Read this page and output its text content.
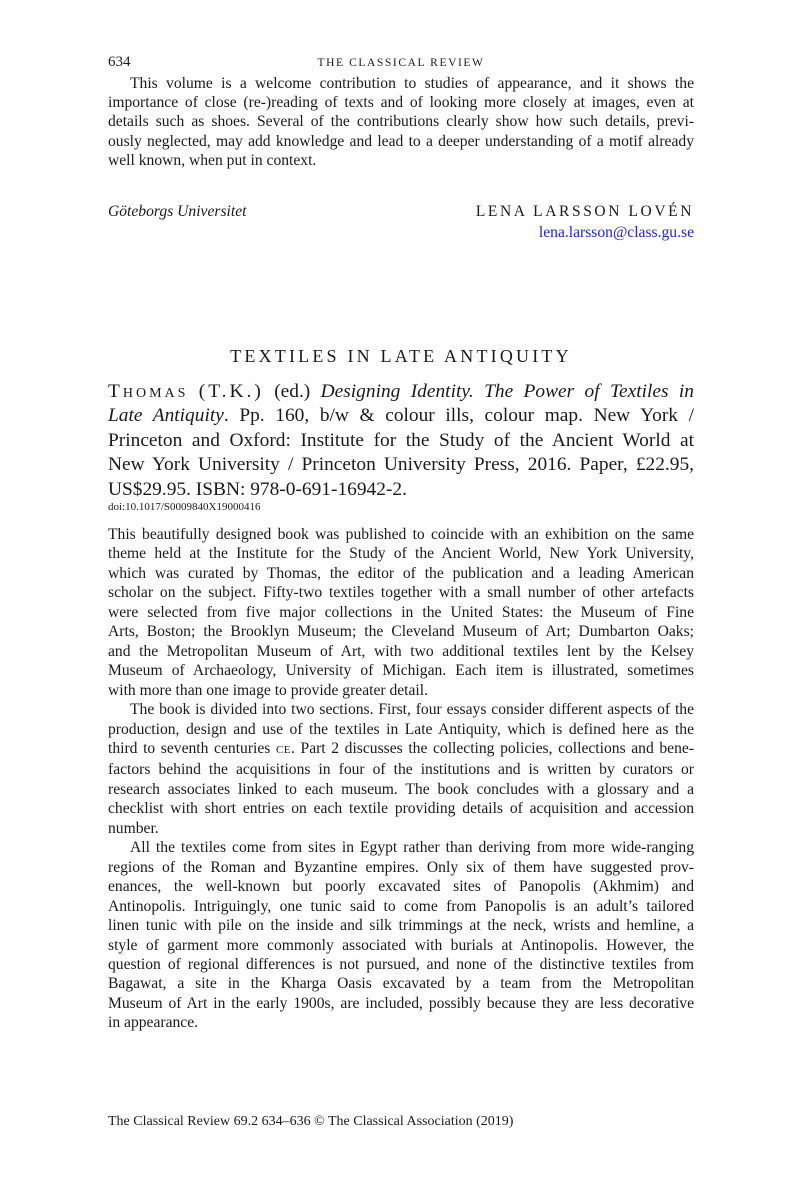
634	THE CLASSICAL REVIEW
This volume is a welcome contribution to studies of appearance, and it shows the
importance of close (re-)reading of texts and of looking more closely at images, even at
details such as shoes. Several of the contributions clearly show how such details, previ-
ously neglected, may add knowledge and lead to a deeper understanding of a motif already
well known, when put in context.
Göteborgs Universitet	LENA LARSSON LOVÉN
lena.larsson@class.gu.se
TEXTILES IN LATE ANTIQUITY
Thomas (T.K.) (ed.) Designing Identity. The Power of Textiles in
Late Antiquity. Pp. 160, b/w & colour ills, colour map. New York /
Princeton and Oxford: Institute for the Study of the Ancient World at
New York University / Princeton University Press, 2016. Paper, £22.95,
US$29.95. ISBN: 978-0-691-16942-2.
doi:10.1017/S0009840X19000416
This beautifully designed book was published to coincide with an exhibition on the same
theme held at the Institute for the Study of the Ancient World, New York University,
which was curated by Thomas, the editor of the publication and a leading American
scholar on the subject. Fifty-two textiles together with a small number of other artefacts
were selected from five major collections in the United States: the Museum of Fine
Arts, Boston; the Brooklyn Museum; the Cleveland Museum of Art; Dumbarton Oaks;
and the Metropolitan Museum of Art, with two additional textiles lent by the Kelsey
Museum of Archaeology, University of Michigan. Each item is illustrated, sometimes
with more than one image to provide greater detail.
The book is divided into two sections. First, four essays consider different aspects of the
production, design and use of the textiles in Late Antiquity, which is defined here as the
third to seventh centuries CE. Part 2 discusses the collecting policies, collections and bene-
factors behind the acquisitions in four of the institutions and is written by curators or
research associates linked to each museum. The book concludes with a glossary and a
checklist with short entries on each textile providing details of acquisition and accession
number.
All the textiles come from sites in Egypt rather than deriving from more wide-ranging
regions of the Roman and Byzantine empires. Only six of them have suggested prov-
enances, the well-known but poorly excavated sites of Panopolis (Akhmim) and
Antinopolis. Intriguingly, one tunic said to come from Panopolis is an adult’s tailored
linen tunic with pile on the inside and silk trimmings at the neck, wrists and hemline, a
style of garment more commonly associated with burials at Antinopolis. However, the
question of regional differences is not pursued, and none of the distinctive textiles from
Bagawat, a site in the Kharga Oasis excavated by a team from the Metropolitan
Museum of Art in the early 1900s, are included, possibly because they are less decorative
in appearance.
The Classical Review 69.2 634–636 © The Classical Association (2019)
